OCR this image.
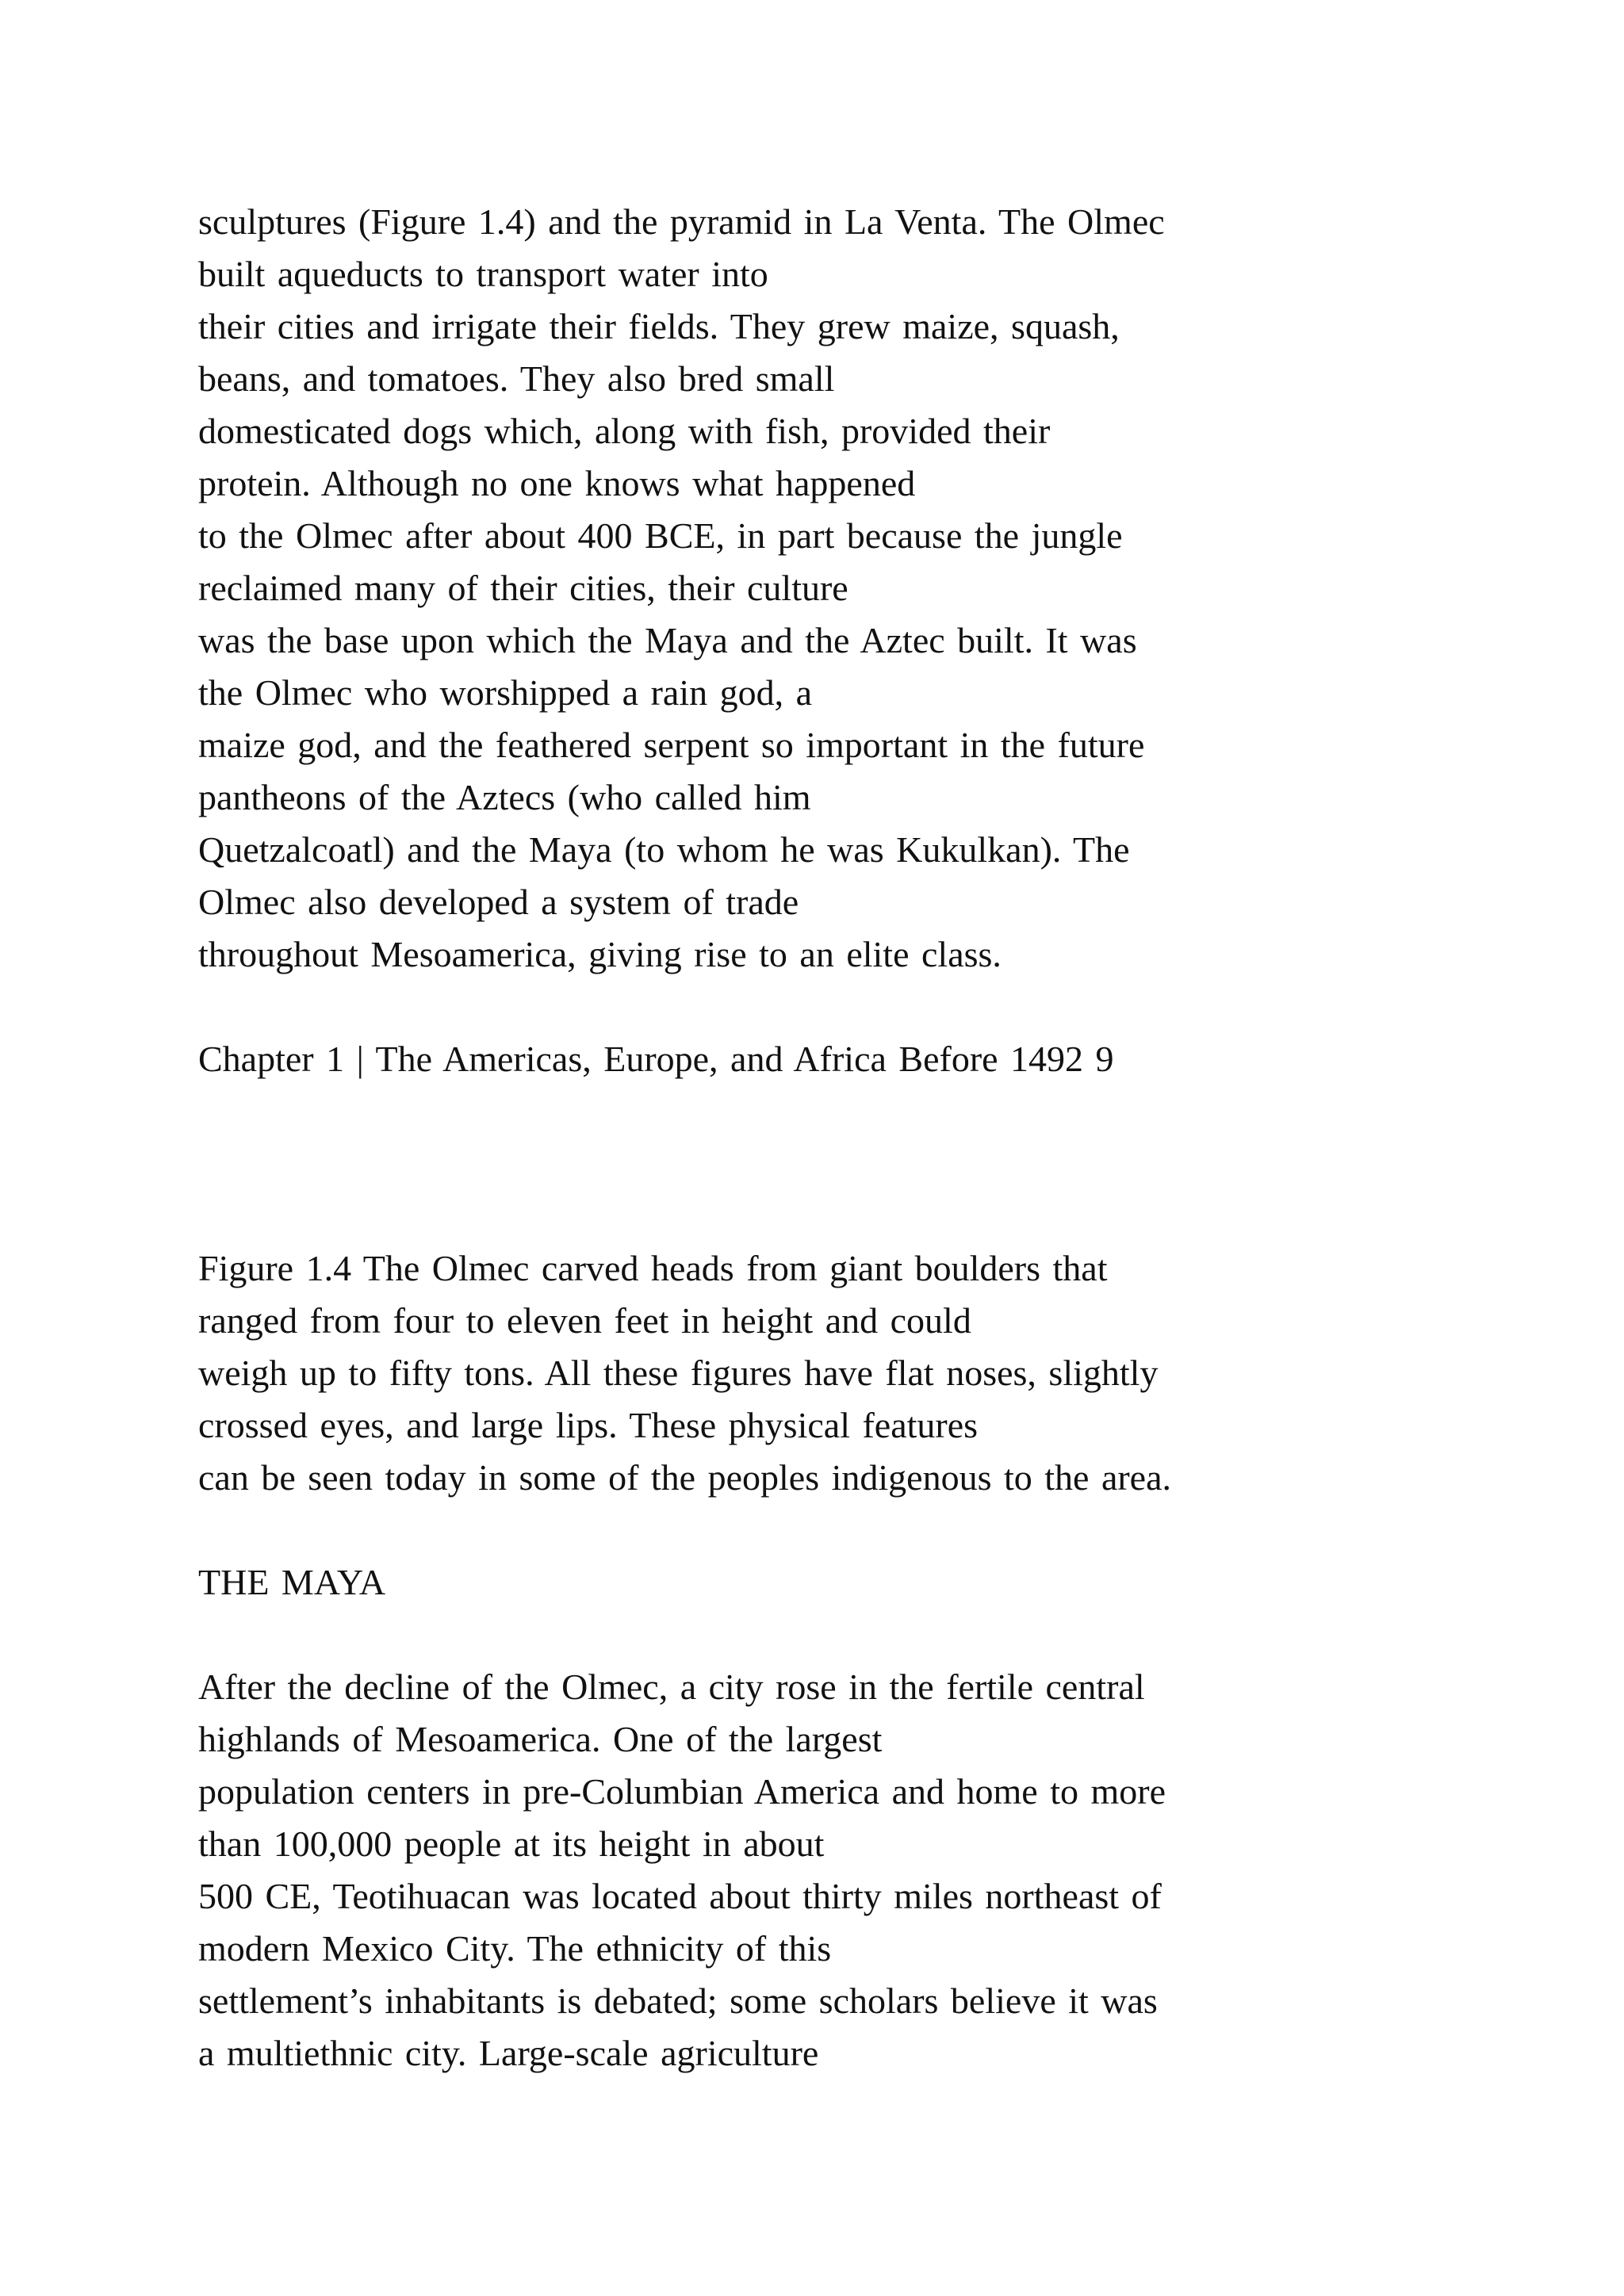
sculptures (Figure 1.4) and the pyramid in La Venta. The Olmec
built aqueducts to transport water into
their cities and irrigate their fields. They grew maize, squash,
beans, and tomatoes. They also bred small
domesticated dogs which, along with fish, provided their
protein. Although no one knows what happened
to the Olmec after about 400 BCE, in part because the jungle
reclaimed many of their cities, their culture
was the base upon which the Maya and the Aztec built. It was
the Olmec who worshipped a rain god, a
maize god, and the feathered serpent so important in the future
pantheons of the Aztecs (who called him
Quetzalcoatl) and the Maya (to whom he was Kukulkan). The
Olmec also developed a system of trade
throughout Mesoamerica, giving rise to an elite class.
Chapter 1 | The Americas, Europe, and Africa Before 1492 9
Figure 1.4 The Olmec carved heads from giant boulders that
ranged from four to eleven feet in height and could
weigh up to fifty tons. All these figures have flat noses, slightly
crossed eyes, and large lips. These physical features
can be seen today in some of the peoples indigenous to the area.
THE MAYA
After the decline of the Olmec, a city rose in the fertile central
highlands of Mesoamerica. One of the largest
population centers in pre-Columbian America and home to more
than 100,000 people at its height in about
500 CE, Teotihuacan was located about thirty miles northeast of
modern Mexico City. The ethnicity of this
settlement’s inhabitants is debated; some scholars believe it was
a multiethnic city. Large-scale agriculture
